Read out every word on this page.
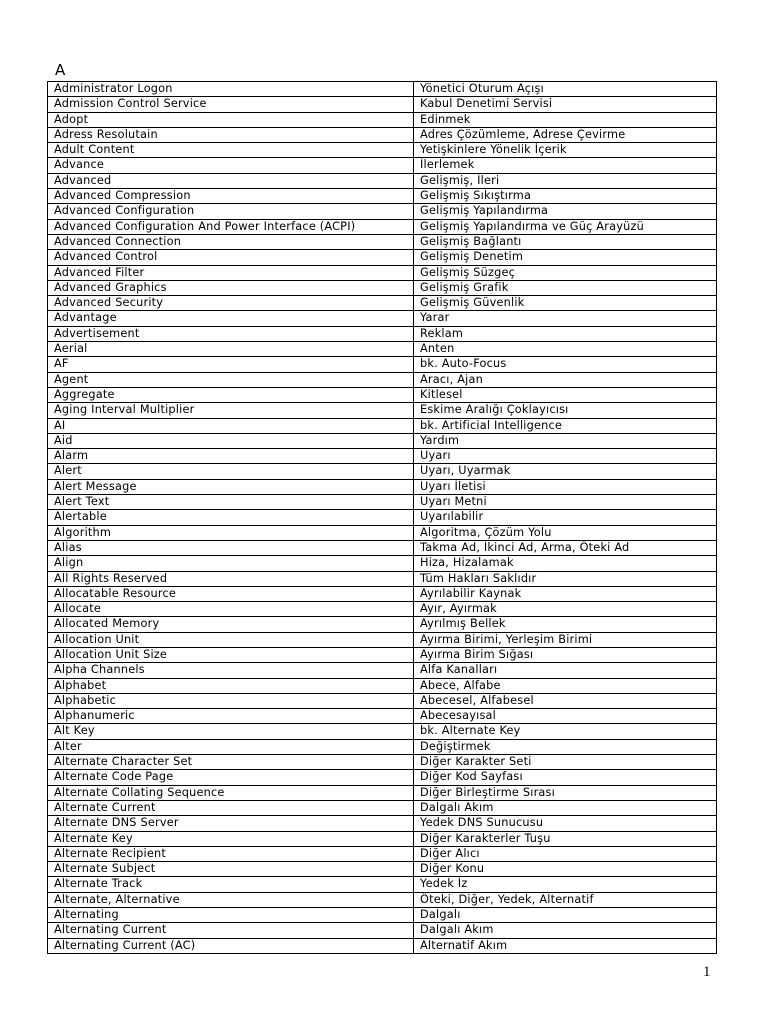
A
Administrator Logon	Yönetici Oturum Açışı
Admission Control Service	Kabul Denetimi Servisi
Adopt	Edinmek
Adress Resolutain	Adres Çözümleme, Adrese Çevirme
Adult Content	Yetişkinlere Yönelik İçerik
Advance	İlerlemek
Advanced	Gelişmiş, İleri
Advanced Compression	Gelişmiş Sıkıştırma
Advanced Configuration	Gelişmiş Yapılandırma
Advanced Configuration And Power Interface (ACPI)	Gelişmiş Yapılandırma ve Güç Arayüzü
Advanced Connection	Gelişmiş Bağlantı
Advanced Control	Gelişmiş Denetim
Advanced Filter	Gelişmiş Süzgeç
Advanced Graphics	Gelişmiş Grafik
Advanced Security	Gelişmiş Güvenlik
Advantage	Yarar
Advertisement	Reklam
Aerial	Anten
AF	bk. Auto-Focus
Agent	Aracı, Ajan
Aggregate	Kitlesel
Aging Interval Multiplier	Eskime Aralığı Çoklayıcısı
AI	bk. Artificial Intelligence
Aid	Yardım
Alarm	Uyarı
Alert	Uyarı, Uyarmak
Alert Message	Uyarı İletisi
Alert Text	Uyarı Metni
Alertable	Uyarılabilir
Algorithm	Algoritma, Çözüm Yolu
Alias	Takma Ad, İkinci Ad, Arma, Öteki Ad
Align	Hiza, Hizalamak
All Rights Reserved	Tüm Hakları Saklıdır
Allocatable Resource	Ayrılabilir Kaynak
Allocate	Ayır, Ayırmak
Allocated Memory	Ayrılmış Bellek
Allocation Unit	Ayırma Birimi, Yerleşim Birimi
Allocation Unit Size	Ayırma Birim Sığası
Alpha Channels	Alfa Kanalları
Alphabet	Abece, Alfabe
Alphabetic	Abecesel, Alfabesel
Alphanumeric	Abecesayısal
Alt Key	bk. Alternate Key
Alter	Değiştirmek
Alternate Character Set	Diğer Karakter Seti
Alternate Code Page	Diğer Kod Sayfası
Alternate Collating Sequence	Diğer Birleştirme Sırası
Alternate Current	Dalgalı Akım
Alternate DNS Server	Yedek DNS Sunucusu
Alternate Key	Diğer Karakterler Tuşu
Alternate Recipient	Diğer Alıcı
Alternate Subject	Diğer Konu
Alternate Track	Yedek İz
Alternate, Alternative	Öteki, Diğer, Yedek, Alternatif
Alternating	Dalgalı
Alternating Current	Dalgalı Akım
Alternating Current (AC)	Alternatif Akım
1
